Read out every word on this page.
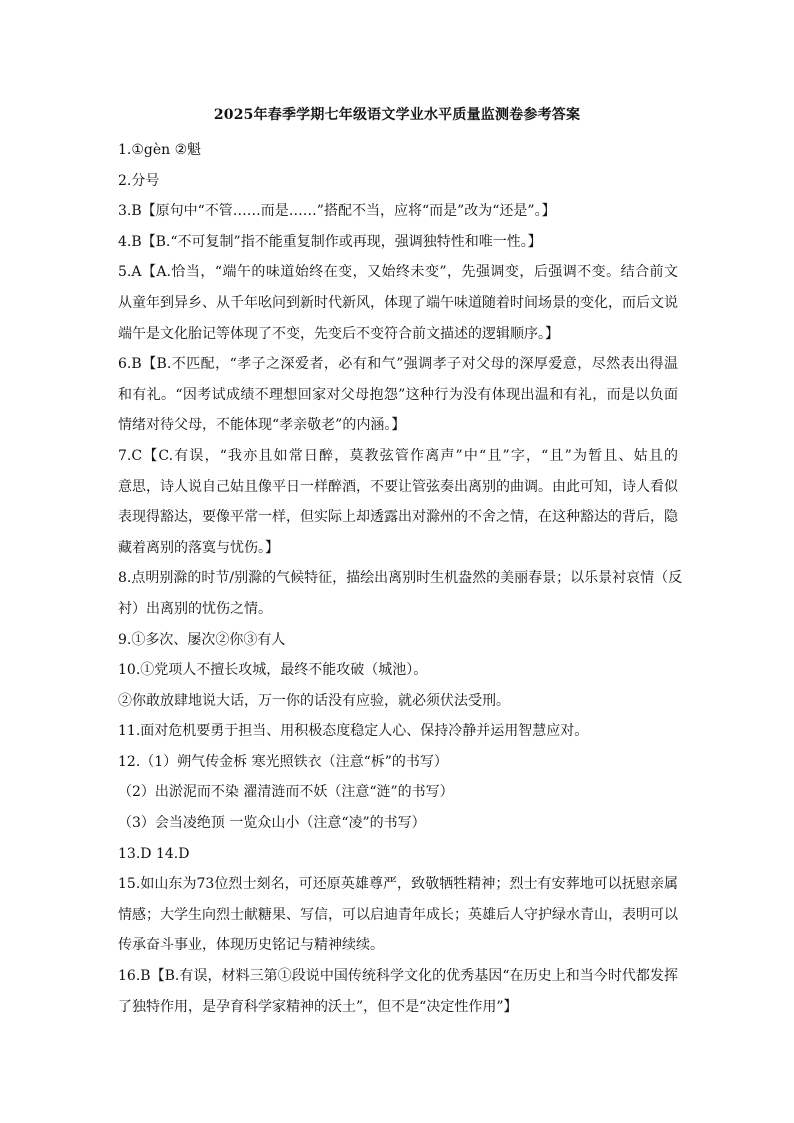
2025年春季学期七年级语文学业水平质量监测卷参考答案
1.①gèn ②魁
2.分号
3.B【原句中“不管……而是……”搭配不当，应将“而是”改为“还是”。】
4.B【B.“不可复制”指不能重复制作或再现，强调独特性和唯一性。】
5.A【A.恰当，“端午的味道始终在变，又始终未变”，先强调变，后强调不变。结合前文
从童年到异乡、从千年吆问到新时代新风，体现了端午味道随着时间场景的变化，而后文说
端午是文化胎记等体现了不变，先变后不变符合前文描述的逻辑顺序。】
6.B【B.不匹配，“孝子之深爱者，必有和气”强调孝子对父母的深厚爱意，尽然表出得温
和有礼。“因考试成绩不理想回家对父母抱怨”这种行为没有体现出温和有礼，而是以负面
情绪对待父母，不能体现“孝亲敬老”的内涵。】
7.C【C.有误，“我亦且如常日醉，莫教弦管作离声”中“且”字，“且”为暂且、姑且的
意思，诗人说自己姑且像平日一样醉酒，不要让管弦奏出离别的曲调。由此可知，诗人看似
表现得豁达，要像平常一样，但实际上却透露出对滁州的不舍之情，在这种豁达的背后，隐
藏着离别的落寞与忧伤。】
8.点明别滁的时节/别滁的气候特征，描绘出离别时生机盎然的美丽春景；以乐景衬哀情（反
衬）出离别的忧伤之情。
9.①多次、屡次②你③有人
10.①党项人不擅长攻城，最终不能攻破（城池）。
②你敢放肆地说大话，万一你的话没有应验，就必须伏法受刑。
11.面对危机要勇于担当、用积极态度稳定人心、保持冷静并运用智慧应对。
12.（1）朔气传金柝 寒光照铁衣（注意“柝”的书写）
（2）出淤泥而不染 濯清涟而不妖（注意“涟”的书写）
（3）会当凌绝顶 一览众山小（注意“凌”的书写）
13.D 14.D
15.如山东为73位烈士刻名，可还原英雄尊严，致敬牺牲精神；烈士有安葬地可以抚慰亲属
情感；大学生向烈士献糖果、写信，可以启迪青年成长；英雄后人守护绿水青山，表明可以
传承奋斗事业，体现历史铭记与精神续续。
16.B【B.有误，材料三第①段说中国传统科学文化的优秀基因“在历史上和当今时代都发挥
了独特作用，是孕育科学家精神的沃土”，但不是“决定性作用”】
